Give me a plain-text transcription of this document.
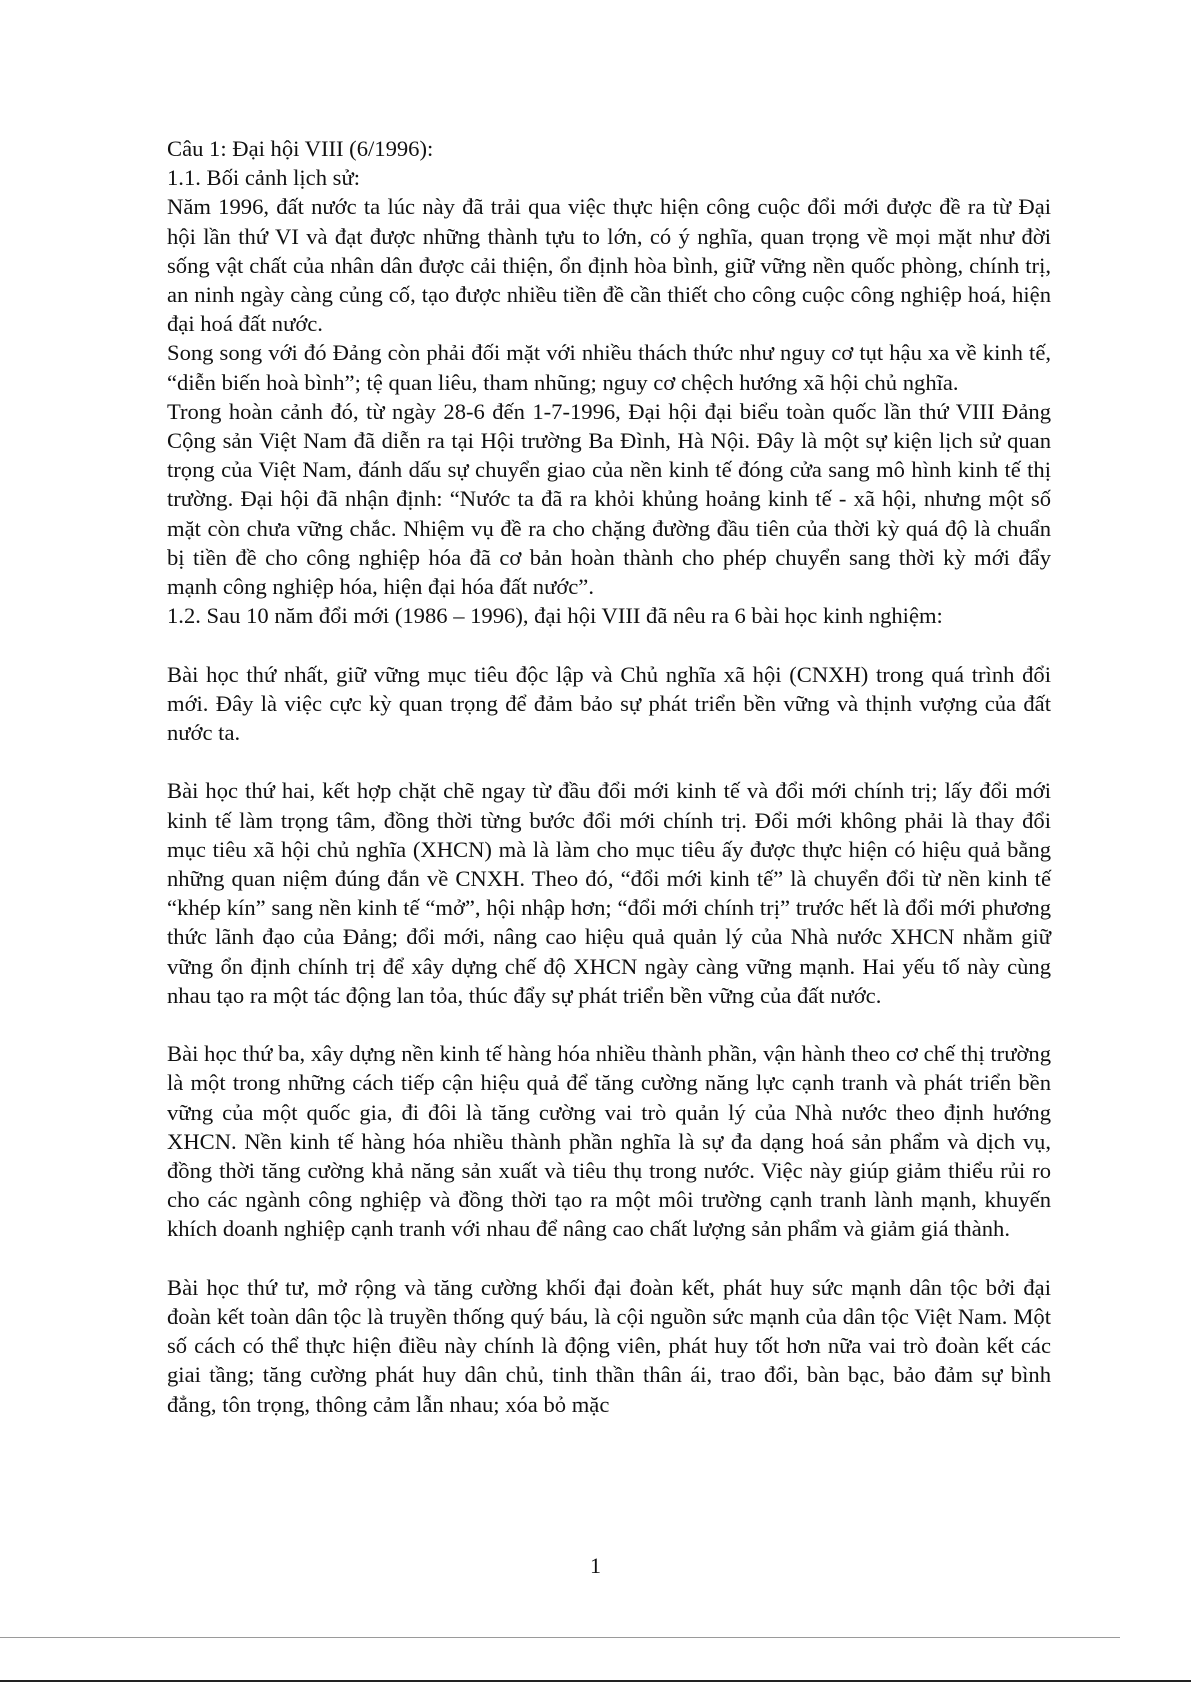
Câu 1: Đại hội VIII (6/1996):
1.1. Bối cảnh lịch sử:

Năm 1996, đất nước ta lúc này đã trải qua việc thực hiện công cuộc đổi mới được đề ra từ Đại hội lần thứ VI và đạt được những thành tựu to lớn, có ý nghĩa, quan trọng về mọi mặt như đời sống vật chất của nhân dân được cải thiện, ổn định hòa bình, giữ vững nền quốc phòng, chính trị, an ninh ngày càng củng cố, tạo được nhiều tiền đề cần thiết cho công cuộc công nghiệp hoá, hiện đại hoá đất nước.

Song song với đó Đảng còn phải đối mặt với nhiều thách thức như nguy cơ tụt hậu xa về kinh tế, “diễn biến hoà bình”; tệ quan liêu, tham nhũng; nguy cơ chệch hướng xã hội chủ nghĩa.

Trong hoàn cảnh đó, từ ngày 28-6 đến 1-7-1996, Đại hội đại biểu toàn quốc lần thứ VIII Đảng Cộng sản Việt Nam đã diễn ra tại Hội trường Ba Đình, Hà Nội. Đây là một sự kiện lịch sử quan trọng của Việt Nam, đánh dấu sự chuyển giao của nền kinh tế đóng cửa sang mô hình kinh tế thị trường. Đại hội đã nhận định: “Nước ta đã ra khỏi khủng hoảng kinh tế - xã hội, nhưng một số mặt còn chưa vững chắc. Nhiệm vụ đề ra cho chặng đường đầu tiên của thời kỳ quá độ là chuẩn bị tiền đề cho công nghiệp hóa đã cơ bản hoàn thành cho phép chuyển sang thời kỳ mới đẩy mạnh công nghiệp hóa, hiện đại hóa đất nước”.

1.2. Sau 10 năm đổi mới (1986 – 1996), đại hội VIII đã nêu ra 6 bài học kinh nghiệm:

Bài học thứ nhất, giữ vững mục tiêu độc lập và Chủ nghĩa xã hội (CNXH) trong quá trình đổi mới. Đây là việc cực kỳ quan trọng để đảm bảo sự phát triển bền vững và thịnh vượng của đất nước ta.

Bài học thứ hai, kết hợp chặt chẽ ngay từ đầu đổi mới kinh tế và đổi mới chính trị; lấy đổi mới kinh tế làm trọng tâm, đồng thời từng bước đổi mới chính trị. Đổi mới không phải là thay đổi mục tiêu xã hội chủ nghĩa (XHCN) mà là làm cho mục tiêu ấy được thực hiện có hiệu quả bằng những quan niệm đúng đắn về CNXH. Theo đó, “đổi mới kinh tế” là chuyển đổi từ nền kinh tế “khép kín” sang nền kinh tế “mở”, hội nhập hơn; “đổi mới chính trị” trước hết là đổi mới phương thức lãnh đạo của Đảng; đổi mới, nâng cao hiệu quả quản lý của Nhà nước XHCN nhằm giữ vững ổn định chính trị để xây dựng chế độ XHCN ngày càng vững mạnh. Hai yếu tố này cùng nhau tạo ra một tác động lan tỏa, thúc đẩy sự phát triển bền vững của đất nước.

Bài học thứ ba, xây dựng nền kinh tế hàng hóa nhiều thành phần, vận hành theo cơ chế thị trường là một trong những cách tiếp cận hiệu quả để tăng cường năng lực cạnh tranh và phát triển bền vững của một quốc gia, đi đôi là tăng cường vai trò quản lý của Nhà nước theo định hướng XHCN. Nền kinh tế hàng hóa nhiều thành phần nghĩa là sự đa dạng hoá sản phẩm và dịch vụ, đồng thời tăng cường khả năng sản xuất và tiêu thụ trong nước. Việc này giúp giảm thiểu rủi ro cho các ngành công nghiệp và đồng thời tạo ra một môi trường cạnh tranh lành mạnh, khuyến khích doanh nghiệp cạnh tranh với nhau để nâng cao chất lượng sản phẩm và giảm giá thành.

Bài học thứ tư, mở rộng và tăng cường khối đại đoàn kết, phát huy sức mạnh dân tộc bởi đại đoàn kết toàn dân tộc là truyền thống quý báu, là cội nguồn sức mạnh của dân tộc Việt Nam. Một số cách có thể thực hiện điều này chính là động viên, phát huy tốt hơn nữa vai trò đoàn kết các giai tầng; tăng cường phát huy dân chủ, tinh thần thân ái, trao đổi, bàn bạc, bảo đảm sự bình đẳng, tôn trọng, thông cảm lẫn nhau; xóa bỏ mặc

1
